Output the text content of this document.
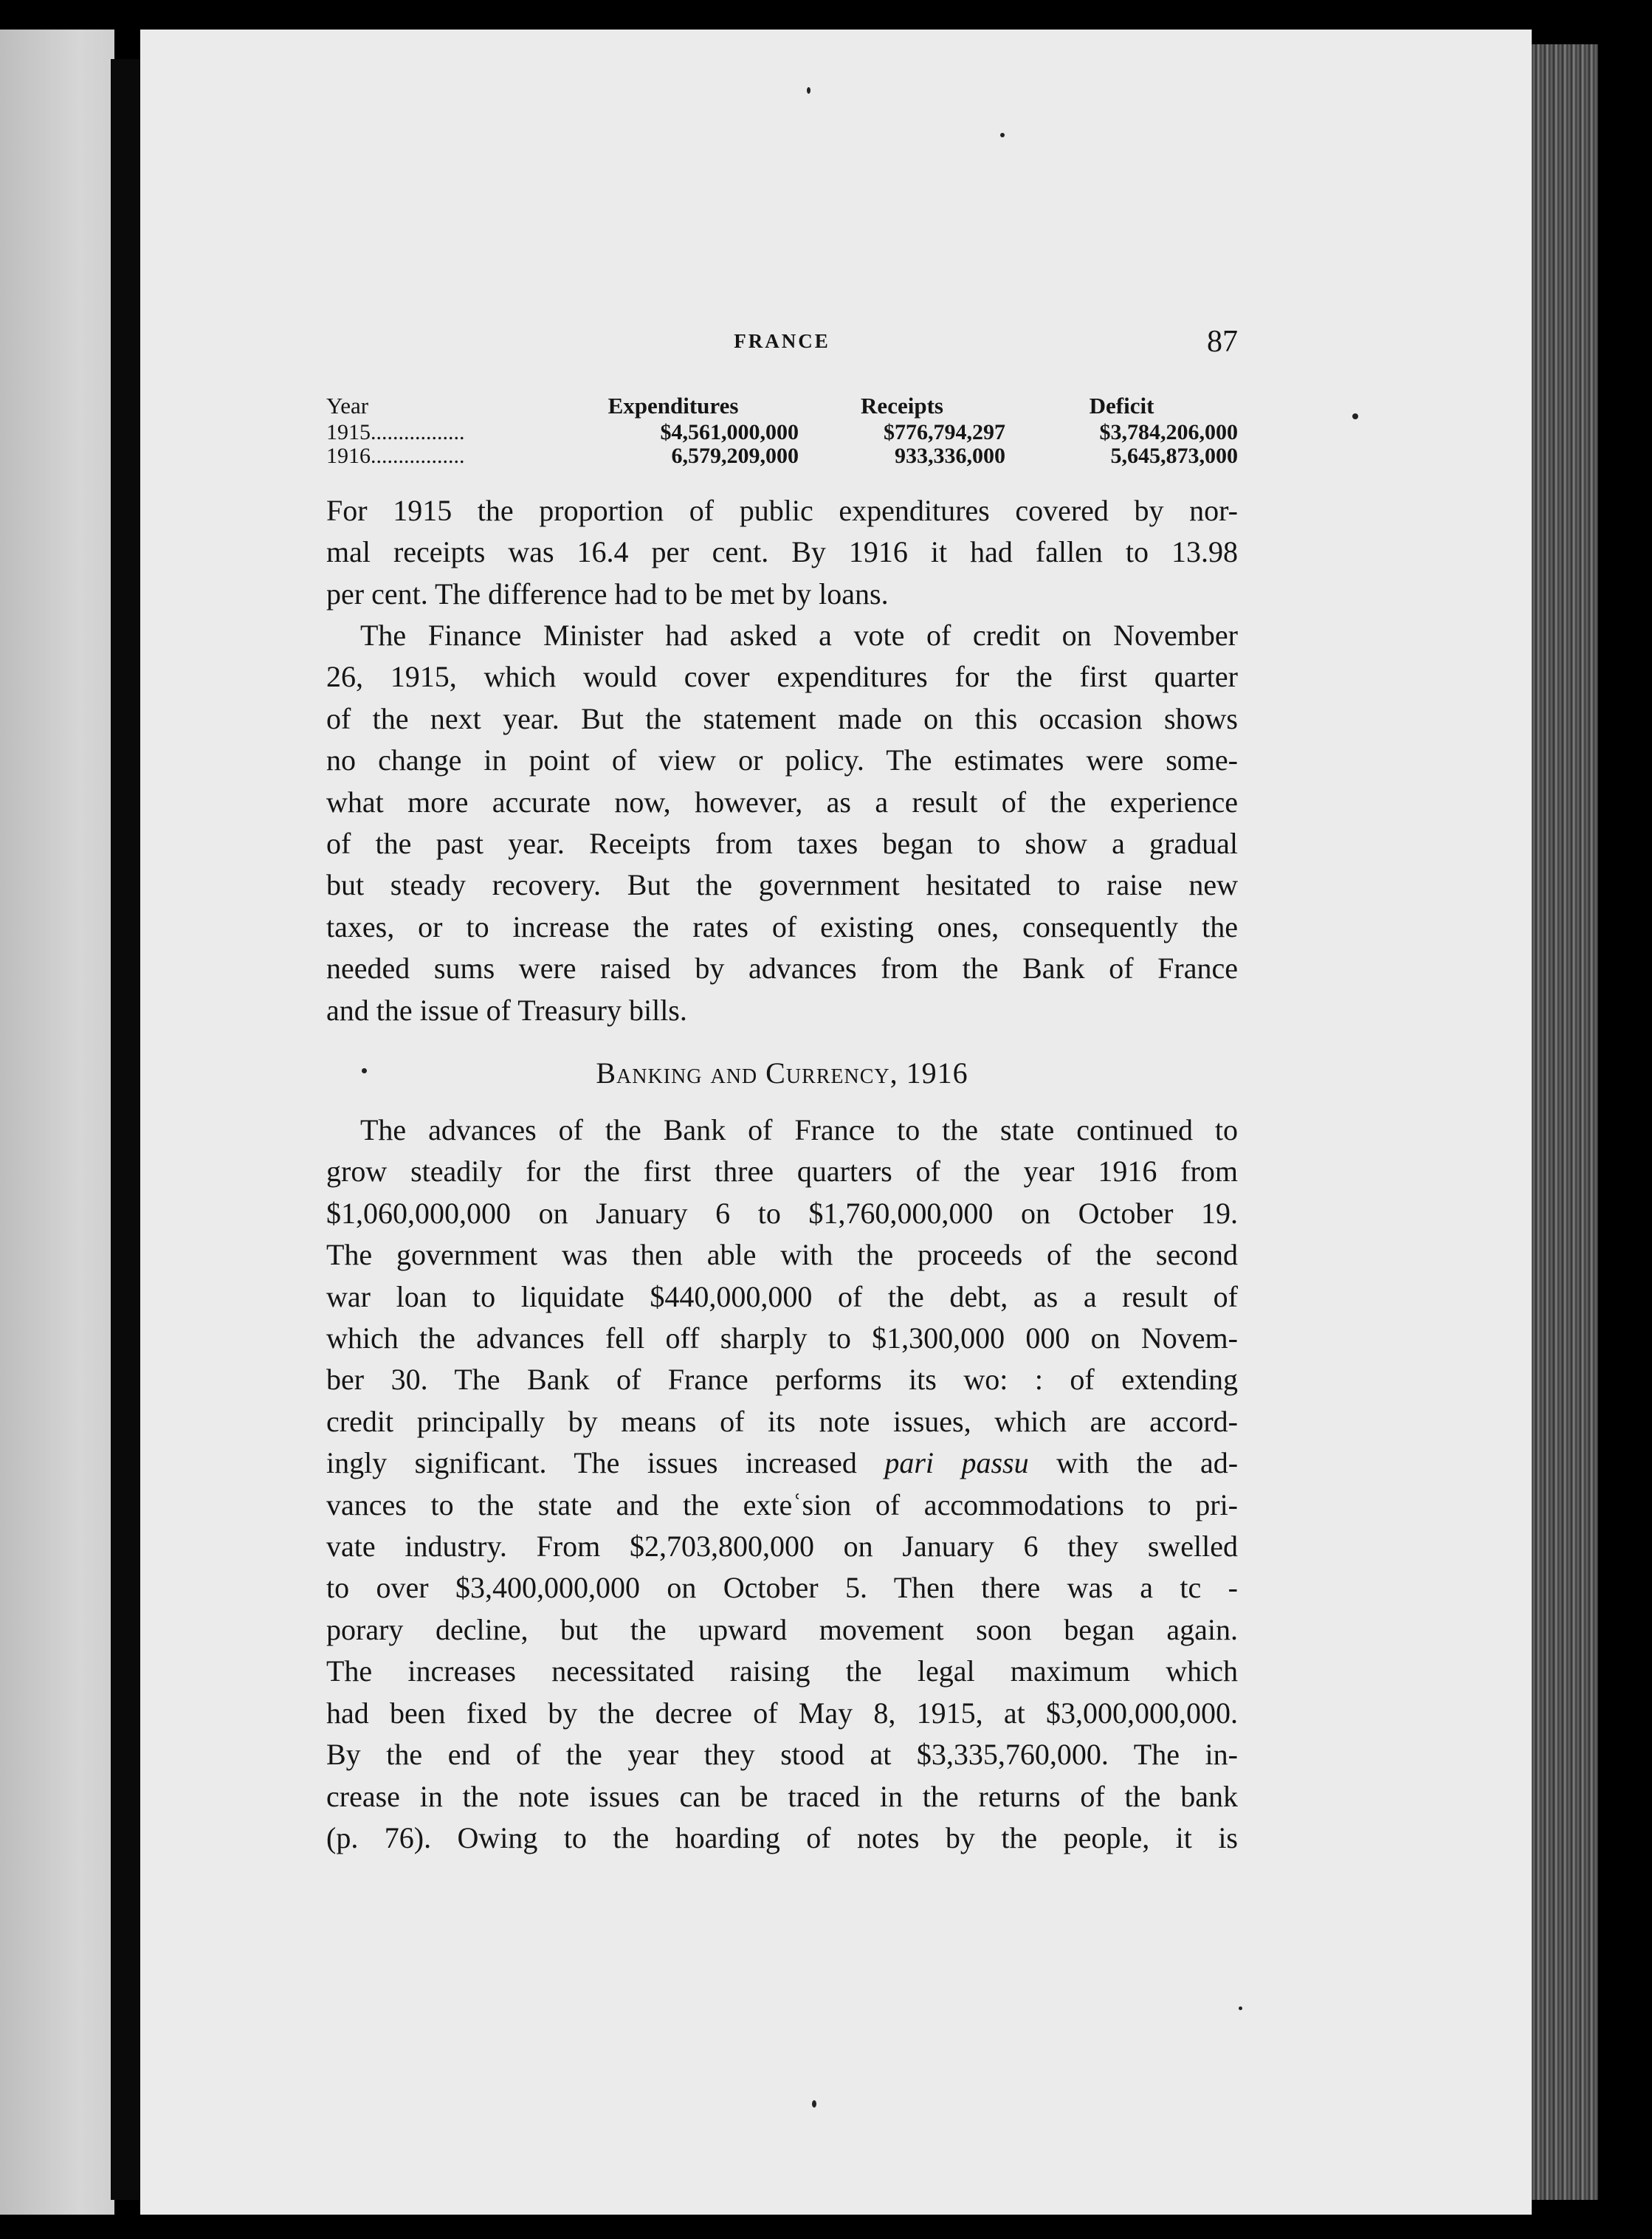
FRANCE	87
Year	Expenditures	Receipts	Deficit
1915.................	$4,561,000,000	$776,794,297	$3,784,206,000
1916.................	6,579,209,000	933,336,000	5,645,873,000
For 1915 the proportion of public expenditures covered by nor-
mal receipts was 16.4 per cent. By 1916 it had fallen to 13.98
per cent. The difference had to be met by loans.
The Finance Minister had asked a vote of credit on November
26, 1915, which would cover expenditures for the first quarter
of the next year. But the statement made on this occasion shows
no change in point of view or policy. The estimates were some-
what more accurate now, however, as a result of the experience
of the past year. Receipts from taxes began to show a gradual
but steady recovery. But the government hesitated to raise new
taxes, or to increase the rates of existing ones, consequently the
needed sums were raised by advances from the Bank of France
and the issue of Treasury bills.
Banking and Currency, 1916
The advances of the Bank of France to the state continued to
grow steadily for the first three quarters of the year 1916 from
$1,060,000,000 on January 6 to $1,760,000,000 on October 19.
The government was then able with the proceeds of the second
war loan to liquidate $440,000,000 of the debt, as a result of
which the advances fell off sharply to $1,300,000 000 on Novem-
ber 30. The Bank of France performs its wo: : of extending
credit principally by means of its note issues, which are accord-
ingly significant. The issues increased pari passu with the ad-
vances to the state and the exteʿsion of accommodations to pri-
vate industry. From $2,703,800,000 on January 6 they swelled
to over $3,400,000,000 on October 5. Then there was a tc -
porary decline, but the upward movement soon began again.
The increases necessitated raising the legal maximum which
had been fixed by the decree of May 8, 1915, at $3,000,000,000.
By the end of the year they stood at $3,335,760,000. The in-
crease in the note issues can be traced in the returns of the bank
(p. 76). Owing to the hoarding of notes by the people, it is
